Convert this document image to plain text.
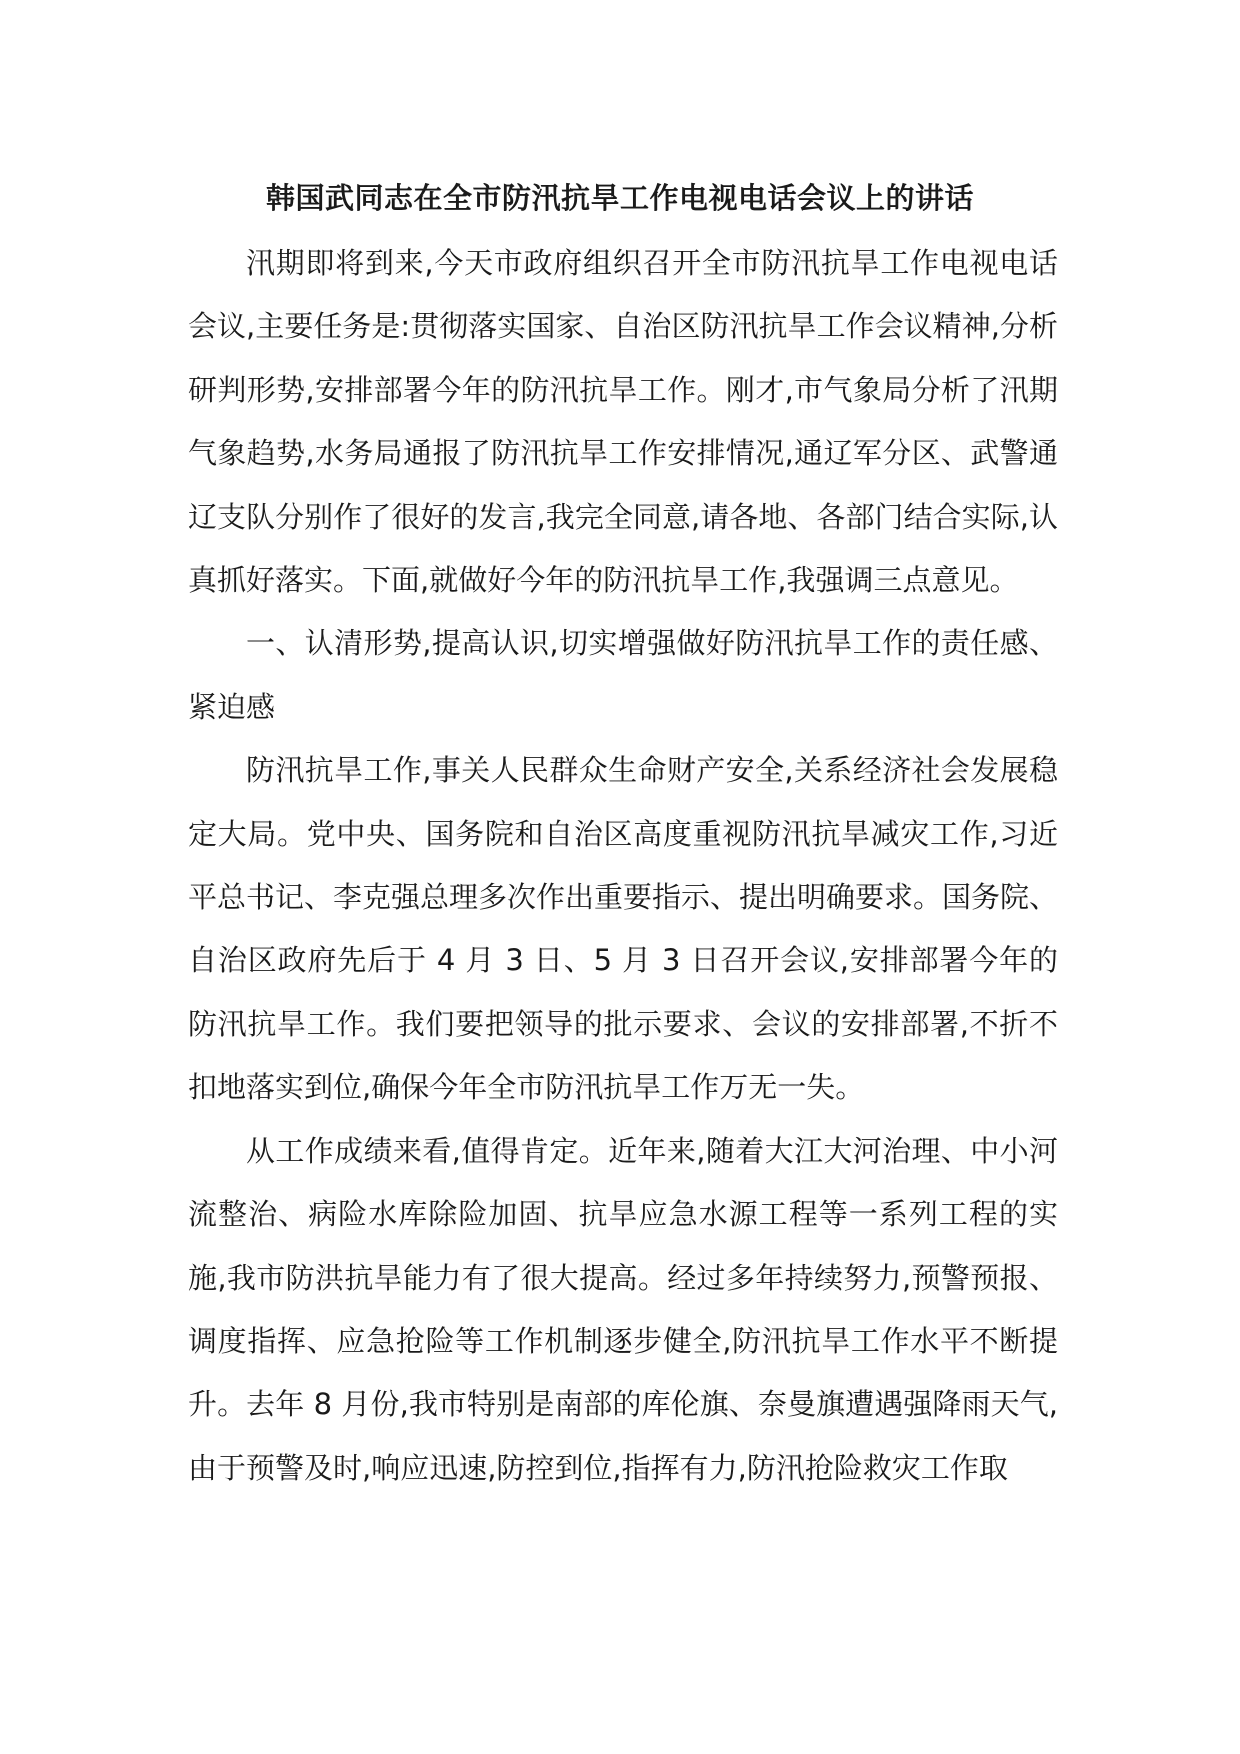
韩国武同志在全市防汛抗旱工作电视电话会议上的讲话

汛期即将到来,今天市政府组织召开全市防汛抗旱工作电视电话会议,主要任务是:贯彻落实国家、自治区防汛抗旱工作会议精神,分析研判形势,安排部署今年的防汛抗旱工作。刚才,市气象局分析了汛期气象趋势,水务局通报了防汛抗旱工作安排情况,通辽军分区、武警通辽支队分别作了很好的发言,我完全同意,请各地、各部门结合实际,认真抓好落实。下面,就做好今年的防汛抗旱工作,我强调三点意见。

一、认清形势,提高认识,切实增强做好防汛抗旱工作的责任感、紧迫感

防汛抗旱工作,事关人民群众生命财产安全,关系经济社会发展稳定大局。党中央、国务院和自治区高度重视防汛抗旱减灾工作,习近平总书记、李克强总理多次作出重要指示、提出明确要求。国务院、自治区政府先后于 4 月 3 日、5 月 3 日召开会议,安排部署今年的防汛抗旱工作。我们要把领导的批示要求、会议的安排部署,不折不扣地落实到位,确保今年全市防汛抗旱工作万无一失。

从工作成绩来看,值得肯定。近年来,随着大江大河治理、中小河流整治、病险水库除险加固、抗旱应急水源工程等一系列工程的实施,我市防洪抗旱能力有了很大提高。经过多年持续努力,预警预报、调度指挥、应急抢险等工作机制逐步健全,防汛抗旱工作水平不断提升。去年 8 月份,我市特别是南部的库伦旗、奈曼旗遭遇强降雨天气,由于预警及时,响应迅速,防控到位,指挥有力,防汛抢险救灾工作取
